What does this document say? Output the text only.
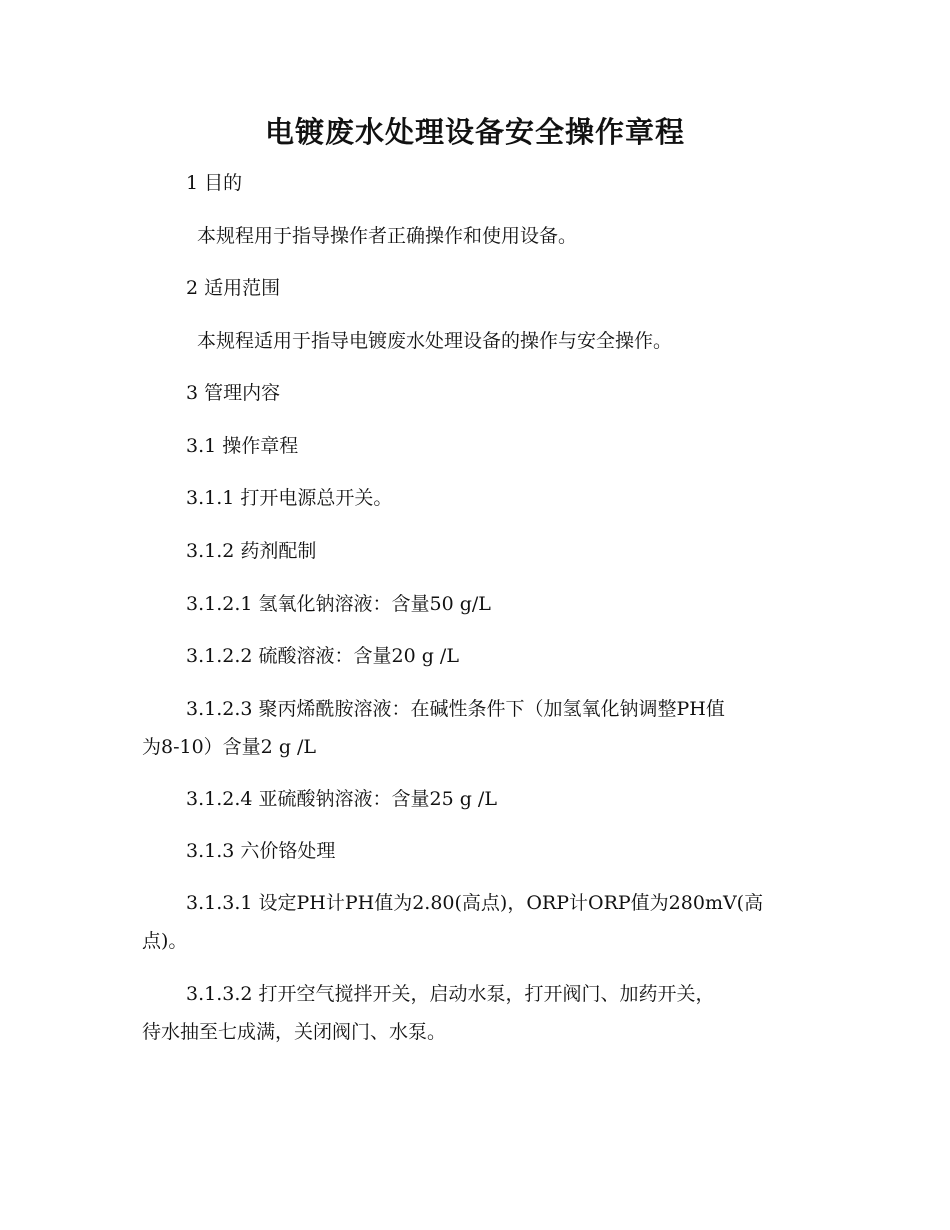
电镀废水处理设备安全操作章程

1 目的

本规程用于指导操作者正确操作和使用设备。

2 适用范围

本规程适用于指导电镀废水处理设备的操作与安全操作。

3 管理内容

3.1 操作章程

3.1.1 打开电源总开关。

3.1.2 药剂配制

3.1.2.1 氢氧化钠溶液：含量50 g/L

3.1.2.2 硫酸溶液：含量20 g /L

3.1.2.3 聚丙烯酰胺溶液：在碱性条件下（加氢氧化钠调整PH值
为8-10）含量2 g /L

3.1.2.4 亚硫酸钠溶液：含量25 g /L

3.1.3 六价铬处理

3.1.3.1 设定PH计PH值为2.80(高点)，ORP计ORP值为280mV(高
点)。
3.1.3.2 打开空气搅拌开关，启动水泵，打开阀门、加药开关，
待水抽至七成满，关闭阀门、水泵。
